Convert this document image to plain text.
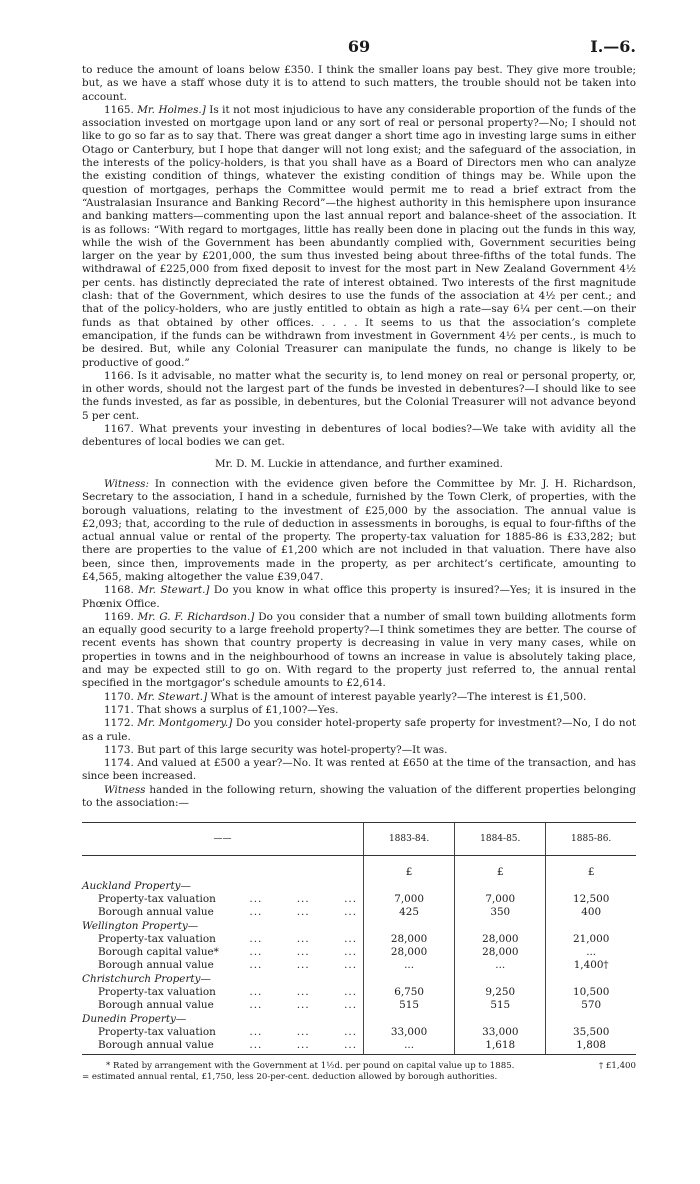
69	I.—6.

to reduce the amount of loans below £350. I think the smaller loans pay best. They give more trouble; but, as we have a staff whose duty it is to attend to such matters, the trouble should not be taken into account.

1165. Mr. Holmes.] Is it not most injudicious to have any considerable proportion of the funds of the association invested on mortgage upon land or any sort of real or personal property?—No; I should not like to go so far as to say that. There was great danger a short time ago in investing large sums in either Otago or Canterbury, but I hope that danger will not long exist; and the safeguard of the association, in the interests of the policy-holders, is that you shall have as a Board of Directors men who can analyze the existing condition of things, whatever the existing condition of things may be. While upon the question of mortgages, perhaps the Committee would permit me to read a brief extract from the “Australasian Insurance and Banking Record”—the highest authority in this hemisphere upon insurance and banking matters—commenting upon the last annual report and balance-sheet of the association. It is as follows: “With regard to mortgages, little has really been done in placing out the funds in this way, while the wish of the Government has been abundantly complied with, Government securities being larger on the year by £201,000, the sum thus invested being about three-fifths of the total funds. The withdrawal of £225,000 from fixed deposit to invest for the most part in New Zealand Government 4½ per cents. has distinctly depreciated the rate of interest obtained. Two interests of the first magnitude clash: that of the Government, which desires to use the funds of the association at 4½ per cent.; and that of the policy-holders, who are justly entitled to obtain as high a rate—say 6¼ per cent.—on their funds as that obtained by other offices. . . . . It seems to us that the association’s complete emancipation, if the funds can be withdrawn from investment in Government 4½ per cents., is much to be desired. But, while any Colonial Treasurer can manipulate the funds, no change is likely to be productive of good.”

1166. Is it advisable, no matter what the security is, to lend money on real or personal property, or, in other words, should not the largest part of the funds be invested in debentures?—I should like to see the funds invested, as far as possible, in debentures, but the Colonial Treasurer will not advance beyond 5 per cent.

1167. What prevents your investing in debentures of local bodies?—We take with avidity all the debentures of local bodies we can get.

Mr. D. M. Luckie in attendance, and further examined.

Witness: In connection with the evidence given before the Committee by Mr. J. H. Richardson, Secretary to the association, I hand in a schedule, furnished by the Town Clerk, of properties, with the borough valuations, relating to the investment of £25,000 by the association. The annual value is £2,093; that, according to the rule of deduction in assessments in boroughs, is equal to four-fifths of the actual annual value or rental of the property. The property-tax valuation for 1885-86 is £33,282; but there are properties to the value of £1,200 which are not included in that valuation. There have also been, since then, improvements made in the property, as per architect’s certificate, amounting to £4,565, making altogether the value £39,047.

1168. Mr. Stewart.] Do you know in what office this property is insured?—Yes; it is insured in the Phœnix Office.

1169. Mr. G. F. Richardson.] Do you consider that a number of small town building allotments form an equally good security to a large freehold property?—I think sometimes they are better. The course of recent events has shown that country property is decreasing in value in very many cases, while on properties in towns and in the neighbourhood of towns an increase in value is absolutely taking place, and may be expected still to go on. With regard to the property just referred to, the annual rental specified in the mortgagor’s schedule amounts to £2,614.

1170. Mr. Stewart.] What is the amount of interest payable yearly?—The interest is £1,500.

1171. That shows a surplus of £1,100?—Yes.

1172. Mr. Montgomery.] Do you consider hotel-property safe property for investment?—No, I do not as a rule.

1173. But part of this large security was hotel-property?—It was.

1174. And valued at £500 a year?—No. It was rented at £650 at the time of the transaction, and has since been increased.

Witness handed in the following return, showing the valuation of the different properties belonging to the association:—

——	1883-84.	1884-85.	1885-86.

	£	£	£
Auckland Property—			

Property-tax valuation ...        ...        ...	7,000	7,000	12,500

Borough annual value ...        ...        ...	425	350	400
Wellington Property—			

Property-tax valuation ...        ...        ...	28,000	28,000	21,000

Borough capital value* ...        ...        ...	28,000	28,000	...

Borough annual value ...        ...        ...	...	...	1,400†
Christchurch Property—			

Property-tax valuation ...        ...        ...	6,750	9,250	10,500

Borough annual value ...        ...        ...	515	515	570
Dunedin Property—			

Property-tax valuation ...        ...        ...	33,000	33,000	35,500

Borough annual value ...        ...        ...	...	1,618	1,808
* Rated by arrangement with the Government at 1½d. per pound on capital value up to 1885.	† £1,400
= estimated annual rental, £1,750, less 20-per-cent. deduction allowed by borough authorities.
